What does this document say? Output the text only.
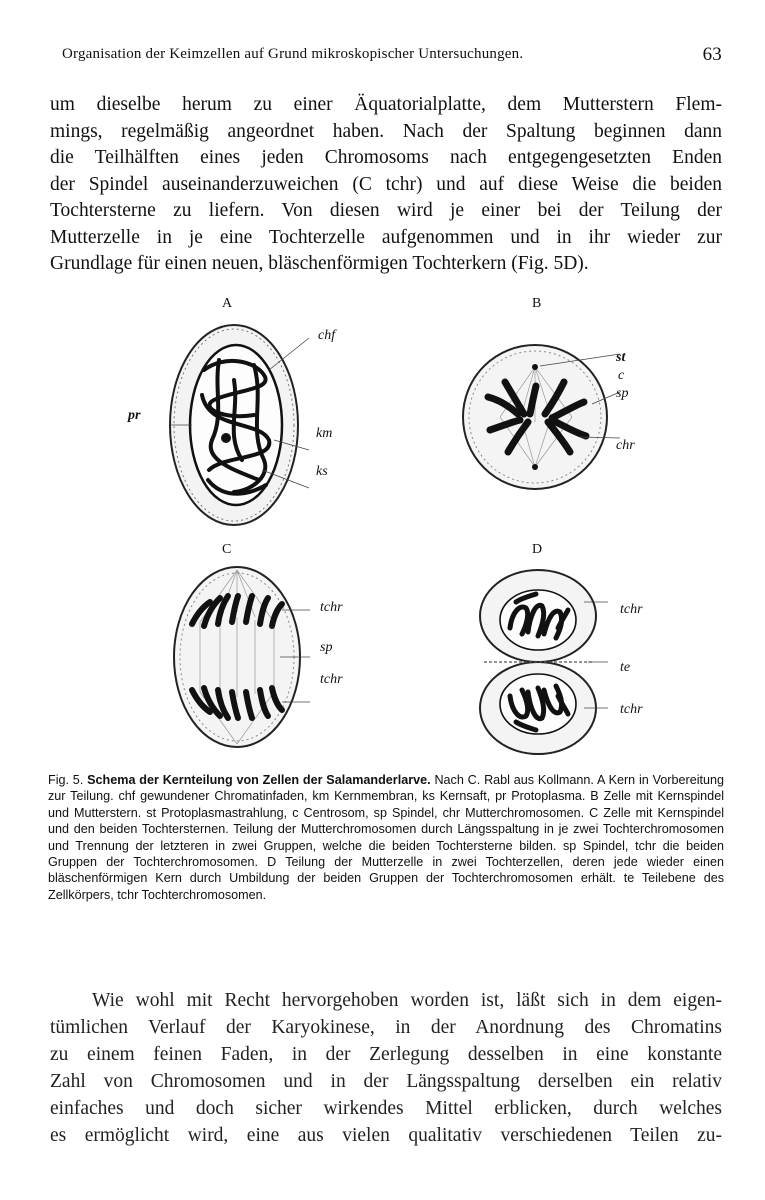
Organisation der Keimzellen auf Grund mikroskopischer Untersuchungen.	63
um dieselbe herum zu einer Äquatorialplatte, dem Mutterstern Flem-
mings, regelmäßig angeordnet haben. Nach der Spaltung beginnen dann
die Teilhälften eines jeden Chromosoms nach entgegengesetzten Enden
der Spindel auseinanderzuweichen (C tchr) und auf diese Weise die beiden
Tochtersterne zu liefern. Von diesen wird je einer bei der Teilung der
Mutterzelle in je eine Tochterzelle aufgenommen und in ihr wieder zur
Grundlage für einen neuen, bläschenförmigen Tochterkern (Fig. 5D).
A
chf
pr
km
ks
B
st
c
sp
chr
C
tchr
sp
tchr
D
tchr
te
tchr
Fig. 5. Schema der Kernteilung von Zellen der Salamanderlarve. Nach C. Rabl aus Kollmann. A Kern in Vorbereitung zur Teilung. chf gewundener Chromatinfaden, km Kernmembran, ks Kernsaft, pr Protoplasma. B Zelle mit Kernspindel und Mutterstern. st Protoplasmastrahlung, c Centrosom, sp Spindel, chr Mutterchromosomen. C Zelle mit Kernspindel und den beiden Tochtersternen. Teilung der Mutterchromosomen durch Längsspaltung in je zwei Tochterchromosomen und Trennung der letzteren in zwei Gruppen, welche die beiden Tochtersterne bilden. sp Spindel, tchr die beiden Gruppen der Tochterchromosomen. D Teilung der Mutterzelle in zwei Tochterzellen, deren jede wieder einen bläschenförmigen Kern durch Umbildung der beiden Gruppen der Tochterchromosomen erhält. te Teilebene des Zellkörpers, tchr Tochterchromosomen.
Wie wohl mit Recht hervorgehoben worden ist, läßt sich in dem eigen-
tümlichen Verlauf der Karyokinese, in der Anordnung des Chromatins
zu einem feinen Faden, in der Zerlegung desselben in eine konstante
Zahl von Chromosomen und in der Längsspaltung derselben ein relativ
einfaches und doch sicher wirkendes Mittel erblicken, durch welches
es ermöglicht wird, eine aus vielen qualitativ verschiedenen Teilen zu-
